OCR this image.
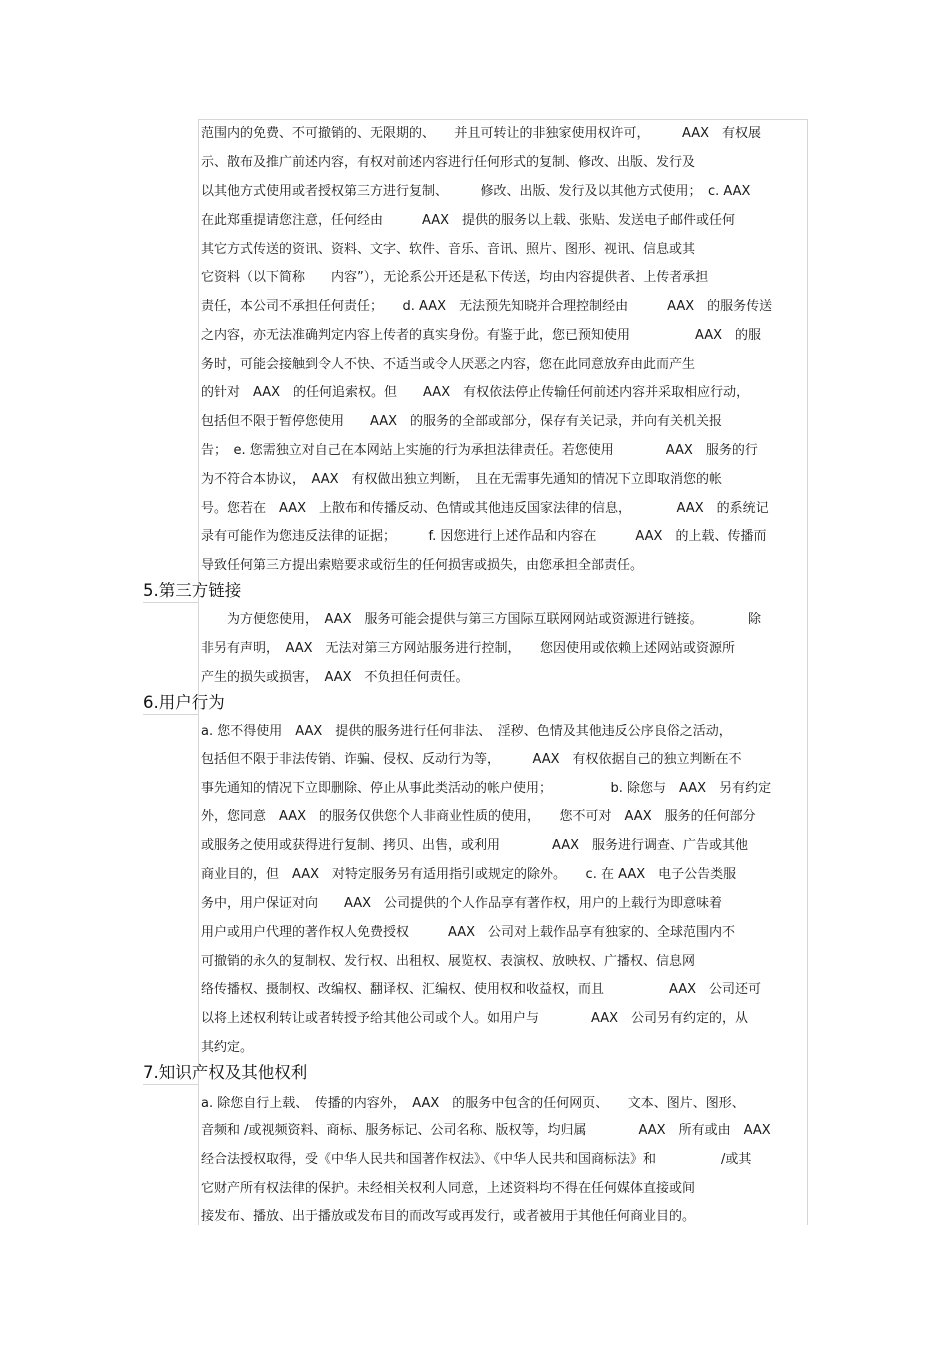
范围内的免费、不可撤销的、无限期的、　　并且可转让的非独家使用权许可，　　　AAX　有权展
示、散布及推广前述内容，有权对前述内容进行任何形式的复制、修改、出版、发行及
以其他方式使用或者授权第三方进行复制、　　　修改、出版、发行及以其他方式使用；　c. AAX
在此郑重提请您注意，任何经由　　　AAX　提供的服务以上载、张贴、发送电子邮件或任何
其它方式传送的资讯、资料、文字、软件、音乐、音讯、照片、图形、视讯、信息或其
它资料（以下简称　　内容”），无论系公开还是私下传送，均由内容提供者、上传者承担
责任，本公司不承担任何责任；　　d. AAX　无法预先知晓并合理控制经由　　　AAX　的服务传送
之内容，亦无法准确判定内容上传者的真实身份。有鉴于此，您已预知使用　　　　　AAX　的服
务时，可能会接触到令人不快、不适当或令人厌恶之内容，您在此同意放弃由此而产生
的针对　AAX　的任何追索权。但　　AAX　有权依法停止传输任何前述内容并采取相应行动，
包括但不限于暂停您使用　　AAX　的服务的全部或部分，保存有关记录，并向有关机关报
告；　e. 您需独立对自己在本网站上实施的行为承担法律责任。若您使用　　　　AAX　服务的行
为不符合本协议，　AAX　有权做出独立判断，　且在无需事先通知的情况下立即取消您的帐
号。您若在　AAX　上散布和传播反动、色情或其他违反国家法律的信息，　　　　AAX　的系统记
录有可能作为您违反法律的证据；　　　f. 因您进行上述作品和内容在　　　AAX　的上载、传播而
导致任何第三方提出索赔要求或衍生的任何损害或损失，由您承担全部责任。
5.第三方链接
　　为方便您使用，　AAX　服务可能会提供与第三方国际互联网网站或资源进行链接。　　　　除
非另有声明，　AAX　无法对第三方网站服务进行控制，　　您因使用或依赖上述网站或资源所
产生的损失或损害，　AAX　不负担任何责任。
6.用户行为
a. 您不得使用　AAX　提供的服务进行任何非法、　淫秽、色情及其他违反公序良俗之活动，
包括但不限于非法传销、诈骗、侵权、反动行为等，　　　AAX　有权依据自己的独立判断在不
事先通知的情况下立即删除、停止从事此类活动的帐户使用；　　　　　b. 除您与　AAX　另有约定
外，您同意　AAX　的服务仅供您个人非商业性质的使用，　　您不可对　AAX　服务的任何部分
或服务之使用或获得进行复制、拷贝、出售，或利用　　　　AAX　服务进行调查、广告或其他
商业目的，但　AAX　对特定服务另有适用指引或规定的除外。　　c. 在 AAX　电子公告类服
务中，用户保证对向　　AAX　公司提供的个人作品享有著作权，用户的上载行为即意味着
用户或用户代理的著作权人免费授权　　　AAX　公司对上载作品享有独家的、全球范围内不
可撤销的永久的复制权、发行权、出租权、展览权、表演权、放映权、广播权、信息网
络传播权、摄制权、改编权、翻译权、汇编权、使用权和收益权，而且　　　　　AAX　公司还可
以将上述权利转让或者转授予给其他公司或个人。如用户与　　　　AAX　公司另有约定的，从
其约定。
7.知识产权及其他权利
a. 除您自行上载、　传播的内容外，　AAX　的服务中包含的任何网页、　　文本、图片、图形、
音频和 /或视频资料、商标、服务标记、公司名称、版权等，均归属　　　　AAX　所有或由　AAX
经合法授权取得，受《中华人民共和国著作权法》、《中华人民共和国商标法》和　　　　　/或其
它财产所有权法律的保护。未经相关权利人同意，上述资料均不得在任何媒体直接或间
接发布、播放、出于播放或发布目的而改写或再发行，或者被用于其他任何商业目的。
